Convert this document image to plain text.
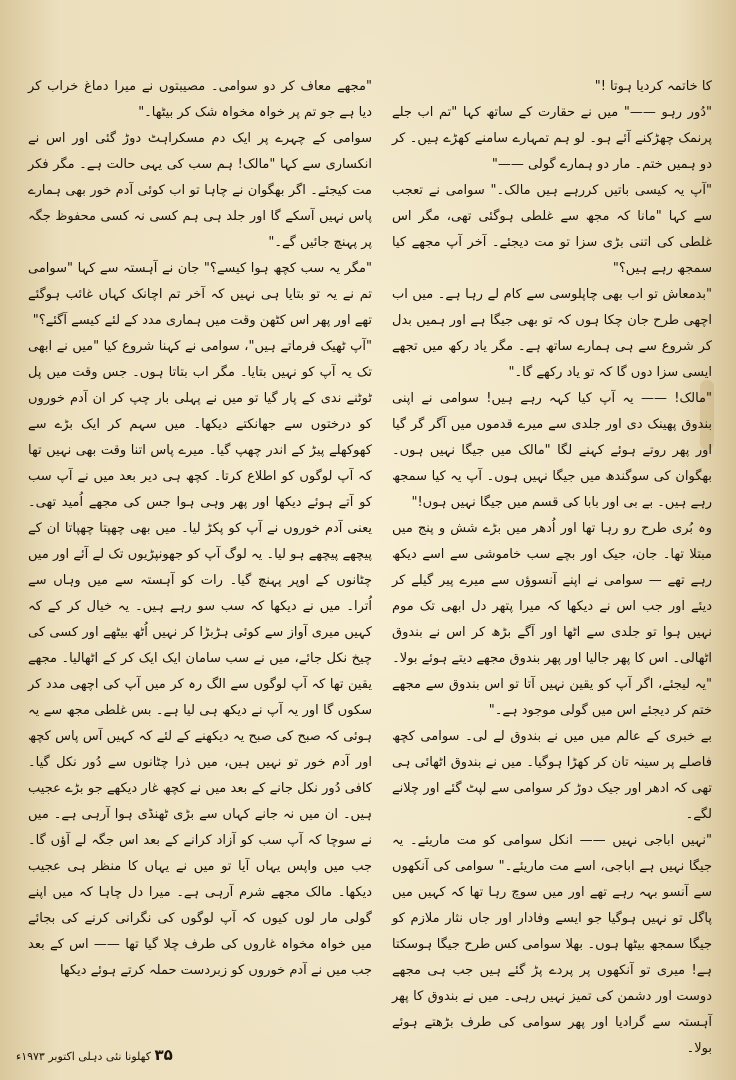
کا خاتمہ کردیا ہوتا !"

"دُور رہو ——" میں نے حقارت کے ساتھ کہا "تم اب جلے پرنمک چھڑکنے آئے ہو۔ لو ہم تمہارے سامنے کھڑے ہیں۔ کر دو ہمیں ختم۔ مار دو ہمارے گولی ——"

"آپ یہ کیسی باتیں کررہے ہیں مالک۔" سوامی نے تعجب سے کہا "مانا کہ مجھ سے غلطی ہوگئی تھی، مگر اس غلطی کی اتنی بڑی سزا تو مت دیجئے۔ آخر آپ مجھے کیا سمجھ رہے ہیں؟"

"بدمعاش تو اب بھی چاپلوسی سے کام لے رہا ہے۔ میں اب اچھی طرح جان چکا ہوں کہ تو بھی جیگا ہے اور ہمیں بدل کر شروع سے ہی ہمارے ساتھ ہے۔ مگر یاد رکھ میں تجھے ایسی سزا دوں گا کہ تو یاد رکھے گا۔"

"مالک! —— یہ آپ کیا کہہ رہے ہیں! سوامی نے اپنی بندوق پھینک دی اور جلدی سے میرے قدموں میں آگر گر گیا اور پھر روتے ہوئے کہنے لگا "مالک میں جیگا نہیں ہوں۔ بھگوان کی سوگندھ میں جیگا نہیں ہوں۔ آپ یہ کیا سمجھ رہے ہیں۔ بے بی اور بابا کی قسم میں جیگا نہیں ہوں!"

وہ بُری طرح رو رہا تھا اور اُدھر میں بڑے شش و پنج میں مبتلا تھا۔ جان، جیک اور بچے سب خاموشی سے اسے دیکھ رہے تھے — سوامی نے اپنے آنسوؤں سے میرے پیر گیلے کر دیئے اور جب اس نے دیکھا کہ میرا پتھر دل ابھی تک موم نہیں ہوا تو جلدی سے اٹھا اور آگے بڑھ کر اس نے بندوق اٹھالی۔ اس کا پھر جالیا اور پھر بندوق مجھے دیتے ہوئے بولا۔

"یہ لیجئے، اگر آپ کو یقین نہیں آتا تو اس بندوق سے مجھے ختم کر دیجئے اس میں گولی موجود ہے۔"

بے خبری کے عالم میں میں نے بندوق لے لی۔ سوامی کچھ فاصلے پر سینہ تان کر کھڑا ہوگیا۔ میں نے بندوق اٹھائی ہی تھی کہ ادھر اور جیک دوڑ کر سوامی سے لپٹ گئے اور چلانے لگے۔

"نہیں اباجی نہیں —— انکل سوامی کو مت ماریئے۔ یہ جیگا نہیں ہے اباجی، اسے مت ماریئے۔" سوامی کی آنکھوں سے آنسو بہہ رہے تھے اور میں سوچ رہا تھا کہ کہیں میں پاگل تو نہیں ہوگیا جو ایسے وفادار اور جاں نثار ملازم کو جیگا سمجھ بیٹھا ہوں۔ بھلا سوامی کس طرح جیگا ہوسکتا ہے! میری تو آنکھوں پر پردے پڑ گئے ہیں جب ہی مجھے دوست اور دشمن کی تمیز نہیں رہی۔ میں نے بندوق کا پھر آہستہ سے گرادیا اور پھر سوامی کی طرف بڑھتے ہوئے بولا۔

"مجھے معاف کر دو سوامی۔ مصیبتوں نے میرا دماغ خراب کر دیا ہے جو تم پر خواہ مخواہ شک کر بیٹھا۔"

سوامی کے چہرے پر ایک دم مسکراہٹ دوڑ گئی اور اس نے انکساری سے کہا "مالک! ہم سب کی یہی حالت ہے۔ مگر فکر مت کیجئے۔ اگر بھگوان نے چاہا تو اب کوئی آدم خور بھی ہمارے پاس نہیں آسکے گا اور جلد ہی ہم کسی نہ کسی محفوظ جگہ پر پہنچ جائیں گے۔"

"مگر یہ سب کچھ ہوا کیسے؟" جان نے آہستہ سے کہا "سوامی تم نے یہ تو بتایا ہی نہیں کہ آخر تم اچانک کہاں غائب ہوگئے تھے اور پھر اس کٹھن وقت میں ہماری مدد کے لئے کیسے آگئے؟"

"آپ ٹھیک فرماتے ہیں"، سوامی نے کہنا شروع کیا "میں نے ابھی تک یہ آپ کو نہیں بتایا۔ مگر اب بتاتا ہوں۔ جس وقت میں پل ٹوٹنے ندی کے پار گیا تو میں نے پہلی بار چپ کر ان آدم خوروں کو درختوں سے جھانکتے دیکھا۔ میں سہم کر ایک بڑے سے کھوکھلے پیڑ کے اندر چھپ گیا۔ میرے پاس اتنا وقت بھی نہیں تھا کہ آپ لوگوں کو اطلاع کرتا۔ کچھ ہی دیر بعد میں نے آپ سب کو آتے ہوئے دیکھا اور پھر وہی ہوا جس کی مجھے اُمید تھی۔ یعنی آدم خوروں نے آپ کو پکڑ لیا۔ میں بھی چھپتا چھپاتا ان کے پیچھے پیچھے ہو لیا۔ یہ لوگ آپ کو جھونپڑیوں تک لے آئے اور میں چٹانوں کے اوپر پہنچ گیا۔ رات کو آہستہ سے میں وہاں سے اُترا۔ میں نے دیکھا کہ سب سو رہے ہیں۔ یہ خیال کر کے کہ کہیں میری آواز سے کوئی ہڑبڑا کر نہیں اُٹھ بیٹھے اور کسی کی چیخ نکل جائے، میں نے سب سامان ایک ایک کر کے اٹھالیا۔ مجھے یقین تھا کہ آپ لوگوں سے الگ رہ کر میں آپ کی اچھی مدد کر سکوں گا اور یہ آپ نے دیکھ ہی لیا ہے۔ بس غلطی مجھ سے یہ ہوئی کہ صبح کی صبح یہ دیکھنے کے لئے کہ کہیں آس پاس کچھ اور آدم خور تو نہیں ہیں، میں ذرا چٹانوں سے دُور نکل گیا۔ کافی دُور نکل جانے کے بعد میں نے کچھ غار دیکھے جو بڑے عجیب ہیں۔ ان میں نہ جانے کہاں سے بڑی ٹھنڈی ہوا آرہی ہے۔ میں نے سوچا کہ آپ سب کو آزاد کرانے کے بعد اس جگہ لے آؤں گا۔ جب میں واپس یہاں آیا تو میں نے یہاں کا منظر ہی عجیب دیکھا۔ مالک مجھے شرم آرہی ہے۔ میرا دل چاہا کہ میں اپنے گولی مار لوں کیوں کہ آپ لوگوں کی نگرانی کرنے کی بجائے میں خواہ مخواہ غاروں کی طرف چلا گیا تھا —— اس کے بعد جب میں نے آدم خوروں کو زبردست حملہ کرتے ہوئے دیکھا

۳۵ کھلونا نئی دہلی اکتوبر ۱۹۷۳ء
